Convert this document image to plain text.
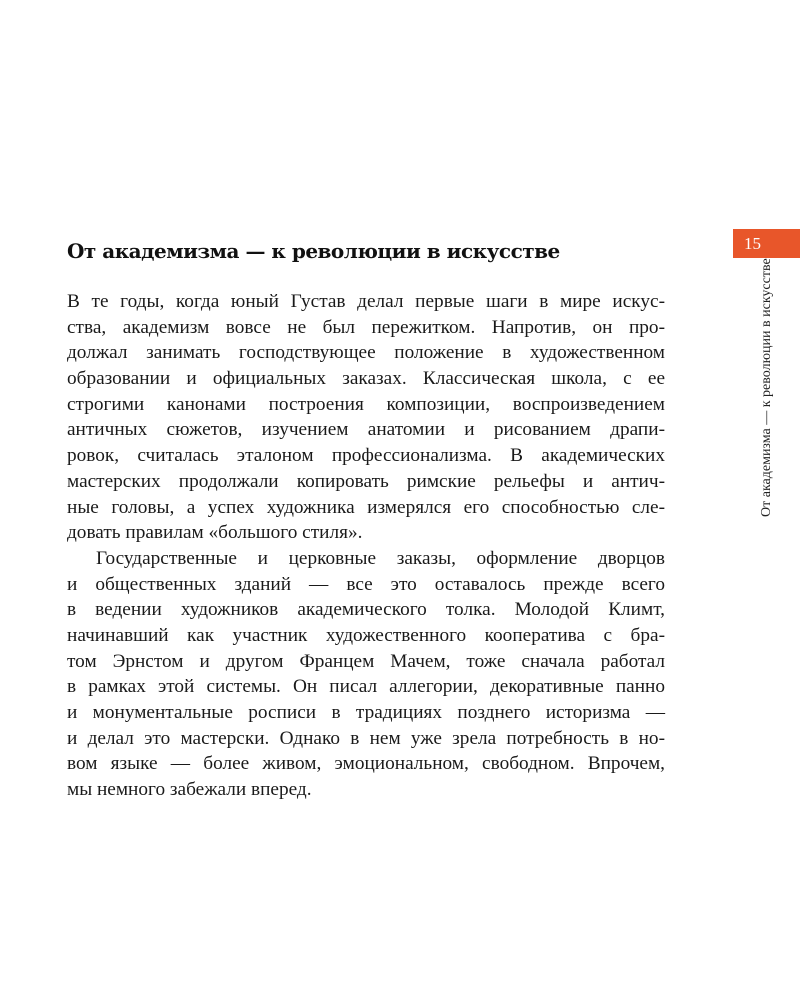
От академизма — к революции в искусстве
В те годы, когда юный Густав делал первые шаги в мире искус-
ства, академизм вовсе не был пережитком. Напротив, он про-
должал занимать господствующее положение в художественном
образовании и официальных заказах. Классическая школа, с ее
строгими канонами построения композиции, воспроизведением
античных сюжетов, изучением анатомии и рисованием драпи-
ровок, считалась эталоном профессионализма. В академических
мастерских продолжали копировать римские рельефы и антич-
ные головы, а успех художника измерялся его способностью сле-
довать правилам «большого стиля».
Государственные и церковные заказы, оформление дворцов
и общественных зданий — все это оставалось прежде всего
в ведении художников академического толка. Молодой Климт,
начинавший как участник художественного кооператива с бра-
том Эрнстом и другом Францем Мачем, тоже сначала работал
в рамках этой системы. Он писал аллегории, декоративные панно
и монументальные росписи в традициях позднего историзма —
и делал это мастерски. Однако в нем уже зрела потребность в но-
вом языке — более живом, эмоциональном, свободном. Впрочем,
мы немного забежали вперед.
15
От академизма — к революции в искусстве
